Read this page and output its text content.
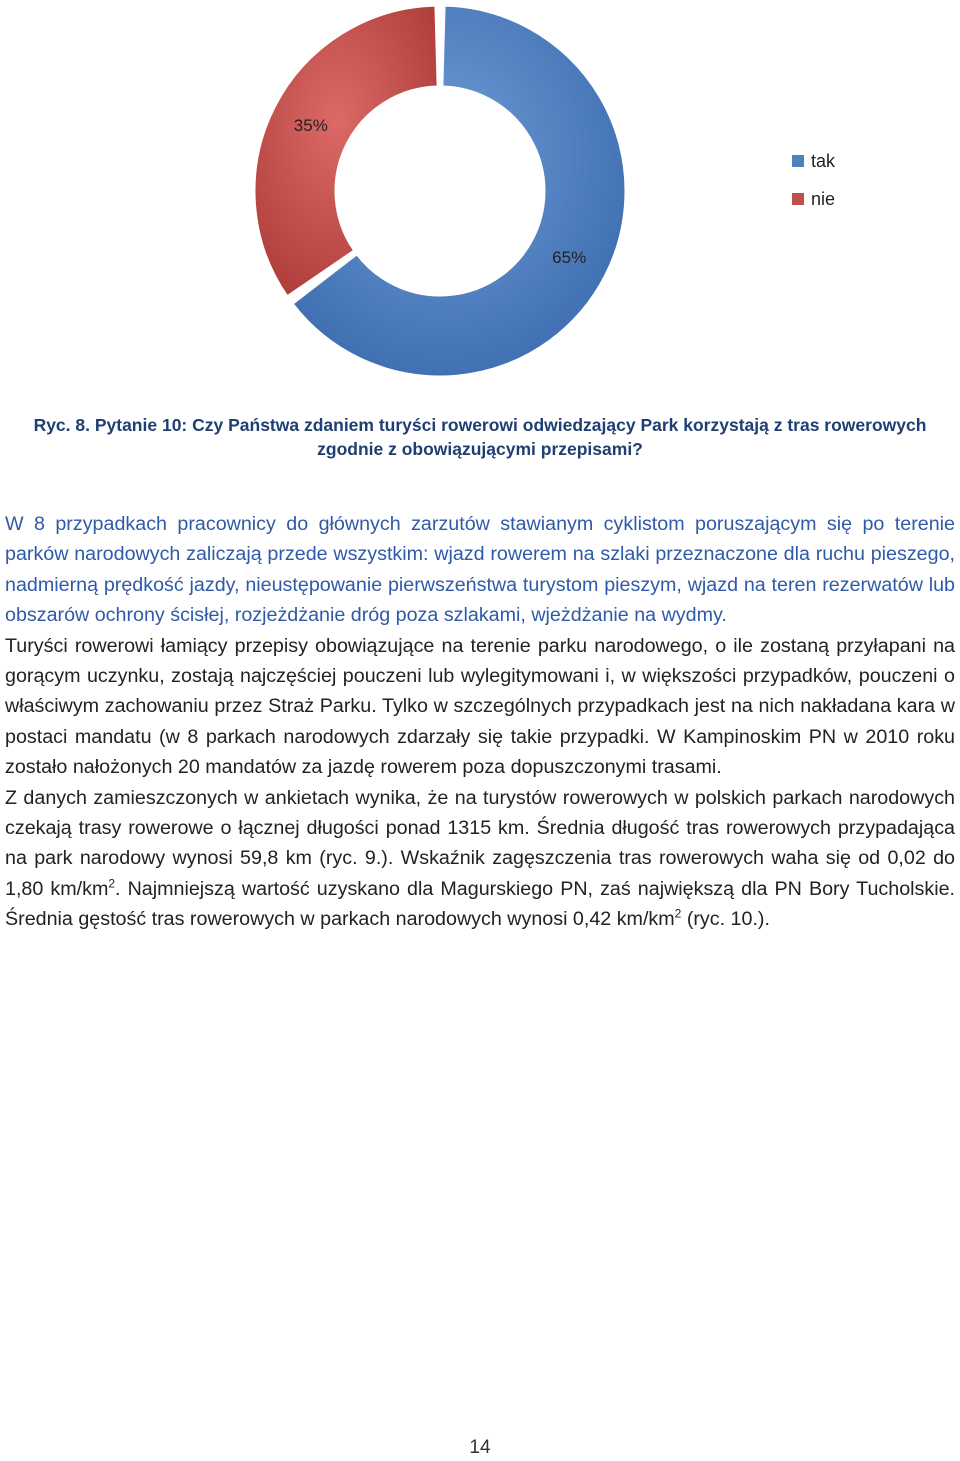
65%
35%
tak
nie
Ryc. 8. Pytanie 10: Czy Państwa zdaniem turyści rowerowi odwiedzający Park korzystają z tras rowerowych
zgodnie z obowiązującymi przepisami?

W 8 przypadkach pracownicy do głównych zarzutów stawianym cyklistom poruszającym się po terenie parków narodowych zaliczają przede wszystkim: wjazd rowerem na szlaki przeznaczone dla ruchu pieszego, nadmierną prędkość jazdy, nieustępowanie pierwszeństwa turystom pieszym, wjazd na teren rezerwatów lub obszarów ochrony ścisłej, rozjeżdżanie dróg poza szlakami, wjeżdżanie na wydmy.

Turyści rowerowi łamiący przepisy obowiązujące na terenie parku narodowego, o ile zostaną przyłapani na gorącym uczynku, zostają najczęściej pouczeni lub wylegitymowani i, w większości przypadków, pouczeni o właściwym zachowaniu przez Straż Parku. Tylko w szczególnych przypadkach jest na nich nakładana kara w postaci mandatu (w 8 parkach narodowych zdarzały się takie przypadki. W Kampinoskim PN w 2010 roku zostało nałożonych 20 mandatów za jazdę rowerem poza dopuszczonymi trasami.

Z danych zamieszczonych w ankietach wynika, że na turystów rowerowych w polskich parkach narodowych czekają trasy rowerowe o łącznej długości ponad 1315 km. Średnia długość tras rowerowych przypadająca na park narodowy wynosi 59,8 km (ryc. 9.). Wskaźnik zagęszczenia tras rowerowych waha się od 0,02 do 1,80 $km/km^2$. Najmniejszą wartość uzyskano dla Magurskiego PN, zaś największą dla PN Bory Tucholskie. Średnia gęstość tras rowerowych w parkach narodowych wynosi 0,42 $km/km^2$ (ryc. 10.).

14
